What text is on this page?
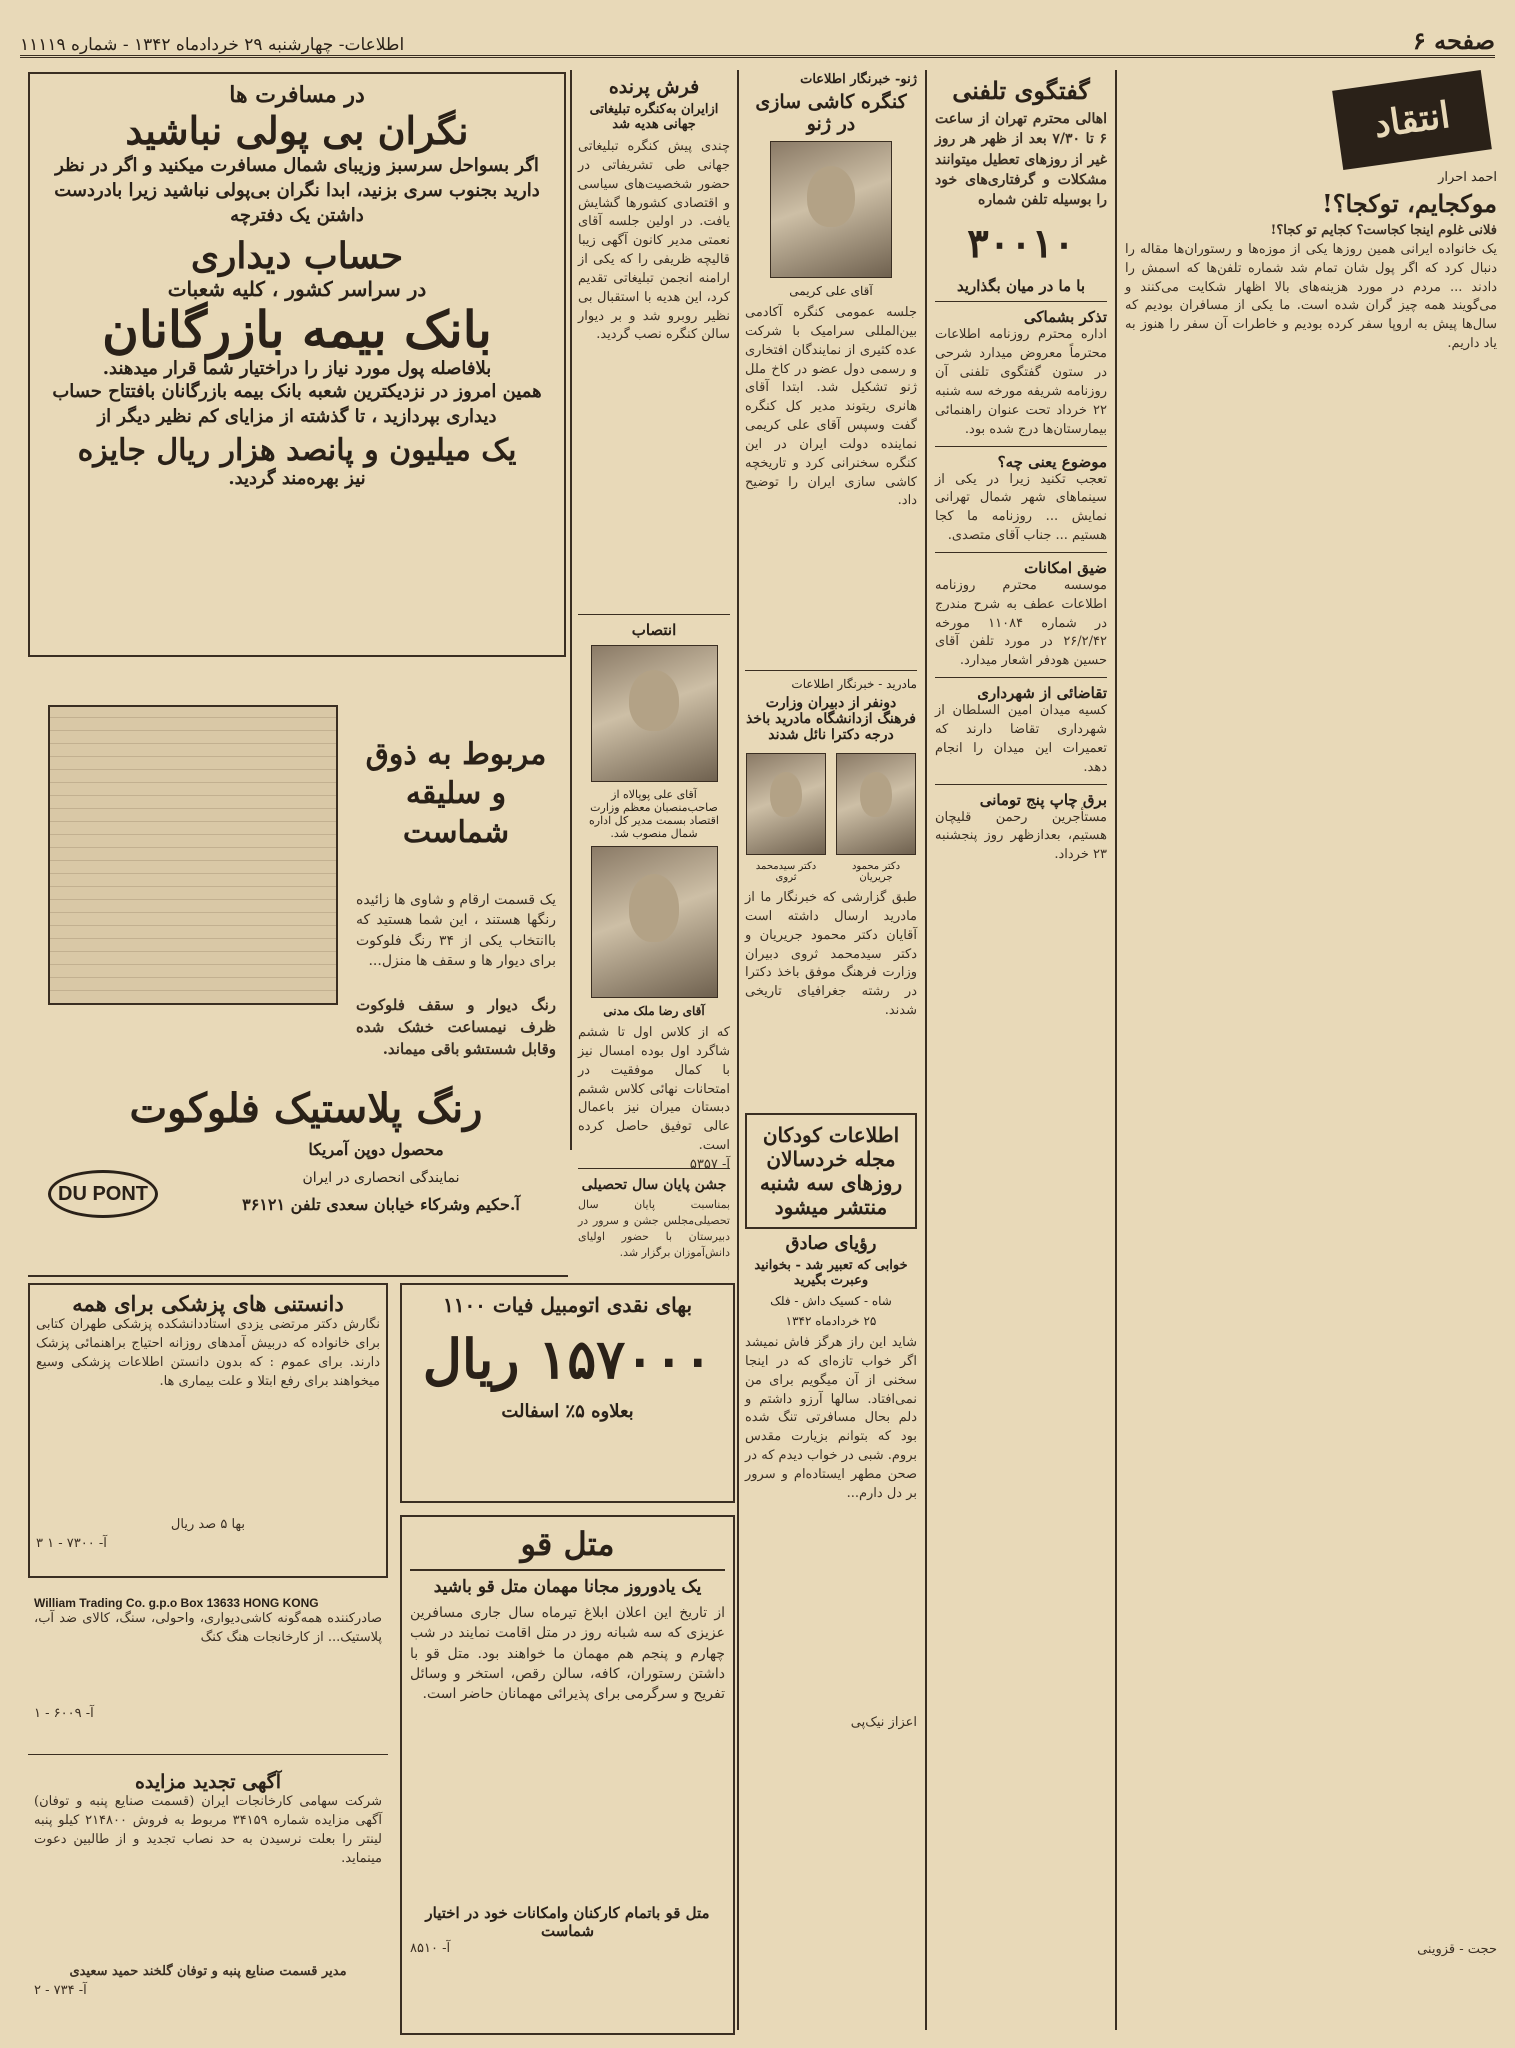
صفحه ۶
اطلاعات- چهارشنبه ۲۹ خردادماه ۱۳۴۲ - شماره ۱۱۱۱۹
انتقاد
احمد احرار
موکجایم، توکجا؟!
فلانی غلوم اینجا کجاست؟ کجایم تو کجا؟!
یک خانواده ایرانی همین روزها یکی از موزه‌ها و رستوران‌ها مقاله را دنبال کرد که اگر پول شان تمام شد شماره تلفن‌ها که اسمش را دادند ... مردم در مورد هزینه‌های بالا اظهار شکایت می‌کنند و می‌گویند همه چیز گران شده است. ما یکی از مسافران بودیم که سال‌ها پیش به اروپا سفر کرده بودیم و خاطرات آن سفر را هنوز به یاد داریم.
حجت - قزوینی
گفتگوی تلفنی
اهالی محترم تهران از ساعت ۶ تا ۷/۳۰ بعد از ظهر هر روز غیر از روزهای تعطیل میتوانند مشکلات و گرفتاری‌های خود را بوسیله تلفن شماره
۳۰۰۱۰
با ما در میان بگذارید
تذکر بشماکی
اداره محترم روزنامه اطلاعات محترماً معروض میدارد شرحی در ستون گفتگوی تلفنی آن روزنامه شریفه مورخه سه شنبه ۲۲ خرداد تحت عنوان راهنمائی بیمارستان‌ها درج شده بود.
موضوع یعنی چه؟
تعجب تکنید زیرا در یکی از سینماهای شهر شمال تهرانی نمایش ... روزنامه ما کجا هستیم ... جناب آقای متصدی.
ضیق امکانات
موسسه محترم روزنامه اطلاعات عطف به شرح مندرج در شماره ۱۱۰۸۴ مورخه ۲۶/۲/۴۲ در مورد تلفن آقای حسین هودفر اشعار میدارد.
تقاضائی از شهرداری
کسیه میدان امین السلطان از شهرداری تقاضا دارند که تعمیرات این میدان را انجام دهد.
برق چاپ پنج تومانی
مستأجرین رحمن قلیچان هستیم، بعدازظهر روز پنجشنبه ۲۳ خرداد.
ژنو- خبرنگار اطلاعات
کنگره کاشی سازی در ژنو
آقای علی کریمی
جلسه عمومی کنگره آکادمی بین‌المللی سرامیک با شرکت عده کثیری از نمایندگان افتخاری و رسمی دول عضو در کاخ ملل ژنو تشکیل شد. ابتدا آقای هانری ریتوند مدیر کل کنگره گفت وسپس آقای علی کریمی نماینده دولت ایران در این کنگره سخنرانی کرد و تاریخچه کاشی سازی ایران را توضیح داد.
مادرید - خبرنگار اطلاعات
دونفر از دبیران وزارت فرهنگ ازدانشگاه مادرید باخذ درجه دکترا نائل شدند
دکتر محمود جریریان
دکتر سیدمحمد ثروی
طبق گزارشی که خبرنگار ما از مادرید ارسال داشته است آقایان دکتر محمود جریریان و دکتر سیدمحمد ثروی دبیران وزارت فرهنگ موفق باخذ دکترا در رشته جغرافیای تاریخی شدند.
اطلاعات کودکان مجله خردسالان روزهای سه شنبه منتشر میشود
رؤیای صادق
خوابی که تعبیر شد - بخوانید وعبرت بگیرید
شاه - کسیک داش - فلک
۲۵ خردادماه ۱۳۴۲
شاید این راز هرگز فاش نمیشد اگر خواب تازه‌ای که در اینجا سخنی از آن میگویم برای من نمی‌افتاد. سالها آرزو داشتم و دلم بحال مسافرتی تنگ شده بود که بتوانم بزیارت مقدس بروم. شبی در خواب دیدم که در صحن مطهر ایستاده‌ام و سرور بر دل دارم...
اعزاز نیک‌پی
فرش پرنده
ازایران به‌کنگره تبلیغاتی جهانی هدیه شد
چندی پیش کنگره تبلیغاتی جهانی طی تشریفاتی در حضور شخصیت‌های سیاسی و اقتصادی کشورها گشایش یافت. در اولین جلسه آقای نعمتی مدیر کانون آگهی زیبا قالیچه ظریفی را که یکی از ارامنه انجمن تبلیغاتی تقدیم کرد، این هدیه با استقبال بی نظیر روبرو شد و بر دیوار سالن کنگره نصب گردید.
انتصاب
آقای علی پوپالاه از صاحب‌منصبان معظم وزارت اقتصاد بسمت مدیر کل اداره شمال منصوب شد.
آقای رضا ملک مدنی
که از کلاس اول تا ششم شاگرد اول بوده امسال نیز با کمال موفقیت در امتحانات نهائی کلاس ششم دبستان میران نیز باعمال عالی توفیق حاصل کرده است.
آ- ۵۳۵۷
در مسافرت ها
نگران بی پولی نباشید
اگر بسواحل سرسبز وزیبای شمال مسافرت میکنید و اگر در نظر دارید بجنوب سری بزنید، ابدا نگران بی‌پولی نباشید زیرا بادردست داشتن یک دفترچه
حساب دیداری
در سراسر کشور ، کلیه شعبات
بانک بیمه بازرگانان
بلافاصله پول مورد نیاز را دراختیار شما قرار میدهند.
همین امروز در نزدیکترین شعبه بانک بیمه بازرگانان بافتتاح حساب دیداری بپردازید ، تا گذشته از مزایای کم نظیر دیگر از
یک میلیون و پانصد هزار ریال جایزه
نیز بهره‌مند گردید.
مربوط به ذوق و سلیقه شماست
یک قسمت ارقام و شاوی ها زائیده رنگها هستند ، این شما هستید که باانتخاب یکی از ۳۴ رنگ فلوکوت برای دیوار ها و سقف ها منزل...
رنگ دیوار و سقف فلوکوت ظرف نیمساعت خشک شده وقابل شستشو باقی میماند.
رنگ پلاستیک فلوکوت
محصول دوپن آمریکا
DU PONT
نمایندگی انحصاری در ایران
آ.حکیم وشرکاء خیابان سعدی تلفن ۳۶۱۲۱
بهای نقدی اتومبیل فیات ۱۱۰۰
۱۵۷۰۰۰ ریال
بعلاوه ۵٪ اسفالت
دانستنی های پزشکی برای همه
نگارش دکتر مرتضی یزدی استاددانشکده پزشکی طهران کتابی برای خانواده که دربیش آمدهای روزانه احتیاج براهنمائی پزشک دارند. برای عموم : که بدون دانستن اطلاعات پزشکی وسیع میخواهند برای رفع ابتلا و علت بیماری ها.
بها ۵ صد ریال
آ- ۷۳۰۰ - ۱ ۳
William Trading Co. g.p.o Box 13633 HONG KONG
صادرکننده همه‌گونه کاشی‌دیواری، واحولی، سنگ، کالای ضد آب، پلاستیک... از کارخانجات هنگ کنگ
آ- ۶۰۰۹ - ۱
آگهی تجدید مزایده
شرکت سهامی کارخانجات ایران (قسمت صنایع پنبه و توفان) آگهی مزایده شماره ۳۴۱۵۹ مربوط به فروش ۲۱۴۸۰۰ کیلو پنبه لینتر را بعلت نرسیدن به حد نصاب تجدید و از طالبین دعوت مینماید.
مدیر قسمت صنایع پنبه و توفان گلخند حمید سعیدی
آ- ۷۳۴ - ۲
متل قو
یک یادوروز مجانا مهمان‌ متل قو باشید
از تاریخ این اعلان ابلاغ تیرماه سال جاری مسافرین عزیزی که سه شبانه روز در متل اقامت نمایند در شب چهارم و پنجم هم مهمان ما خواهند بود. متل قو با داشتن رستوران، کافه، سالن رقص، استخر و وسائل تفریح و سرگرمی برای پذیرائی مهمانان حاضر است.
متل قو باتمام کارکنان وامکانات خود در اختیار شماست
آ- ۸۵۱۰
جشن پایان سال تحصیلی
بمناسبت پایان سال تحصیلی‌مجلس جشن و سرور در دبیرستان با حضور اولیای دانش‌آموزان برگزار شد.
